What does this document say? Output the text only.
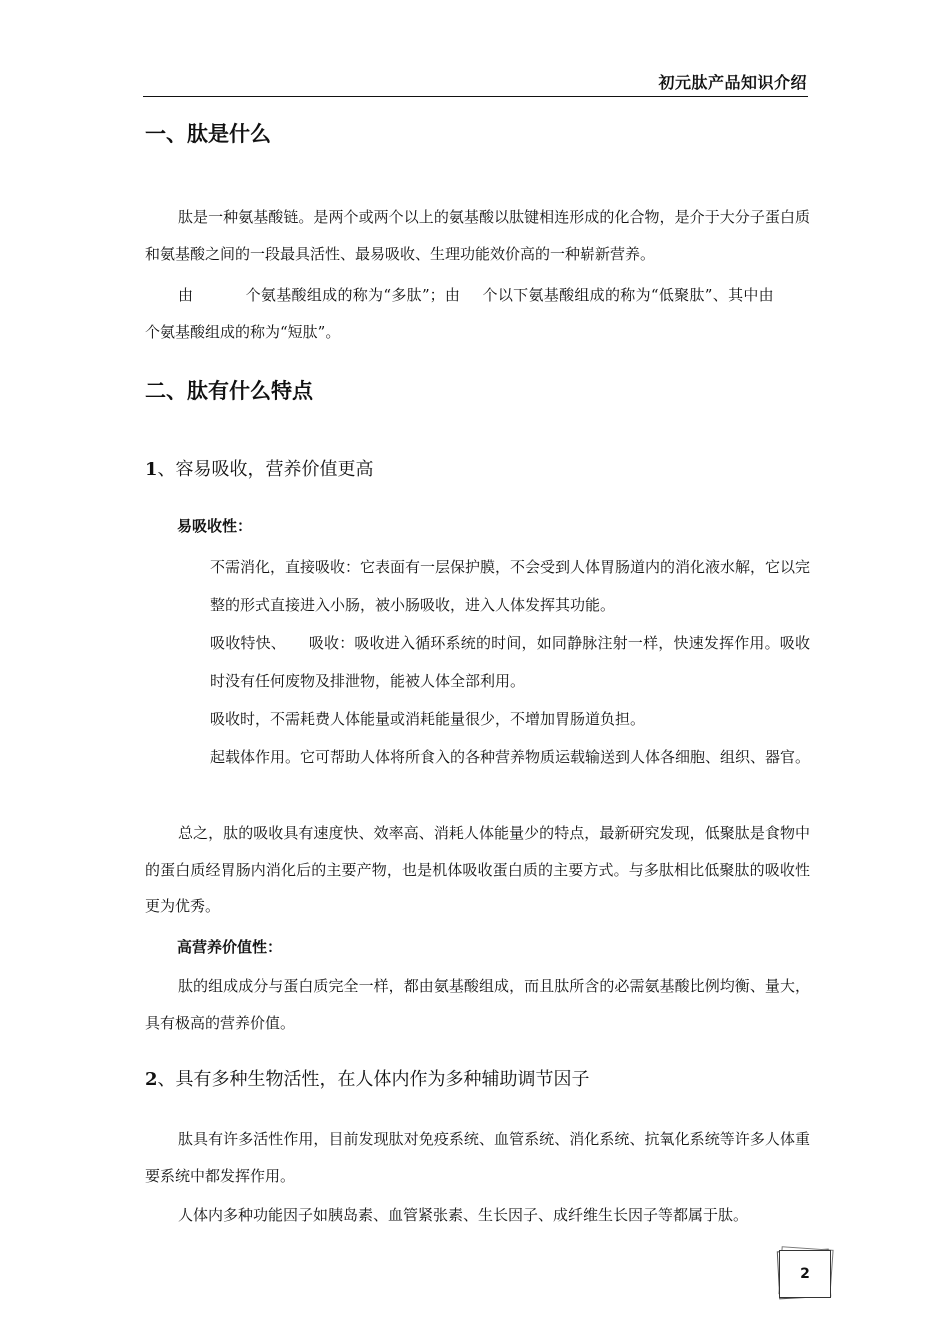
初元肽产品知识介绍
一、肽是什么

肽是一种氨基酸链。是两个或两个以上的氨基酸以肽键相连形成的化合物，是介于大分子蛋白质和氨基酸之间的一段最具活性、最易吸收、生理功能效价高的一种崭新营养。

由	个氨基酸组成的称为“多肽”；由 个以下氨基酸组成的称为“低聚肽”、其中由个氨基酸组成的称为“短肽”。

二、肽有什么特点
1、容易吸收，营养价值更高
易吸收性：

不需消化，直接吸收：它表面有一层保护膜，不会受到人体胃肠道内的消化液水解，它以完整的形式直接进入小肠，被小肠吸收，进入人体发挥其功能。

吸收特快、　　吸收：吸收进入循环系统的时间，如同静脉注射一样，快速发挥作用。吸收时没有任何废物及排泄物，能被人体全部利用。

吸收时，不需耗费人体能量或消耗能量很少，不增加胃肠道负担。

起载体作用。它可帮助人体将所食入的各种营养物质运载输送到人体各细胞、组织、器官。

总之，肽的吸收具有速度快、效率高、消耗人体能量少的特点，最新研究发现，低聚肽是食物中的蛋白质经胃肠内消化后的主要产物，也是机体吸收蛋白质的主要方式。与多肽相比低聚肽的吸收性更为优秀。

高营养价值性：

肽的组成成分与蛋白质完全一样，都由氨基酸组成，而且肽所含的必需氨基酸比例均衡、量大，具有极高的营养价值。

2、具有多种生物活性，在人体内作为多种辅助调节因子

肽具有许多活性作用，目前发现肽对免疫系统、血管系统、消化系统、抗氧化系统等许多人体重要系统中都发挥作用。

人体内多种功能因子如胰岛素、血管紧张素、生长因子、成纤维生长因子等都属于肽。

2
